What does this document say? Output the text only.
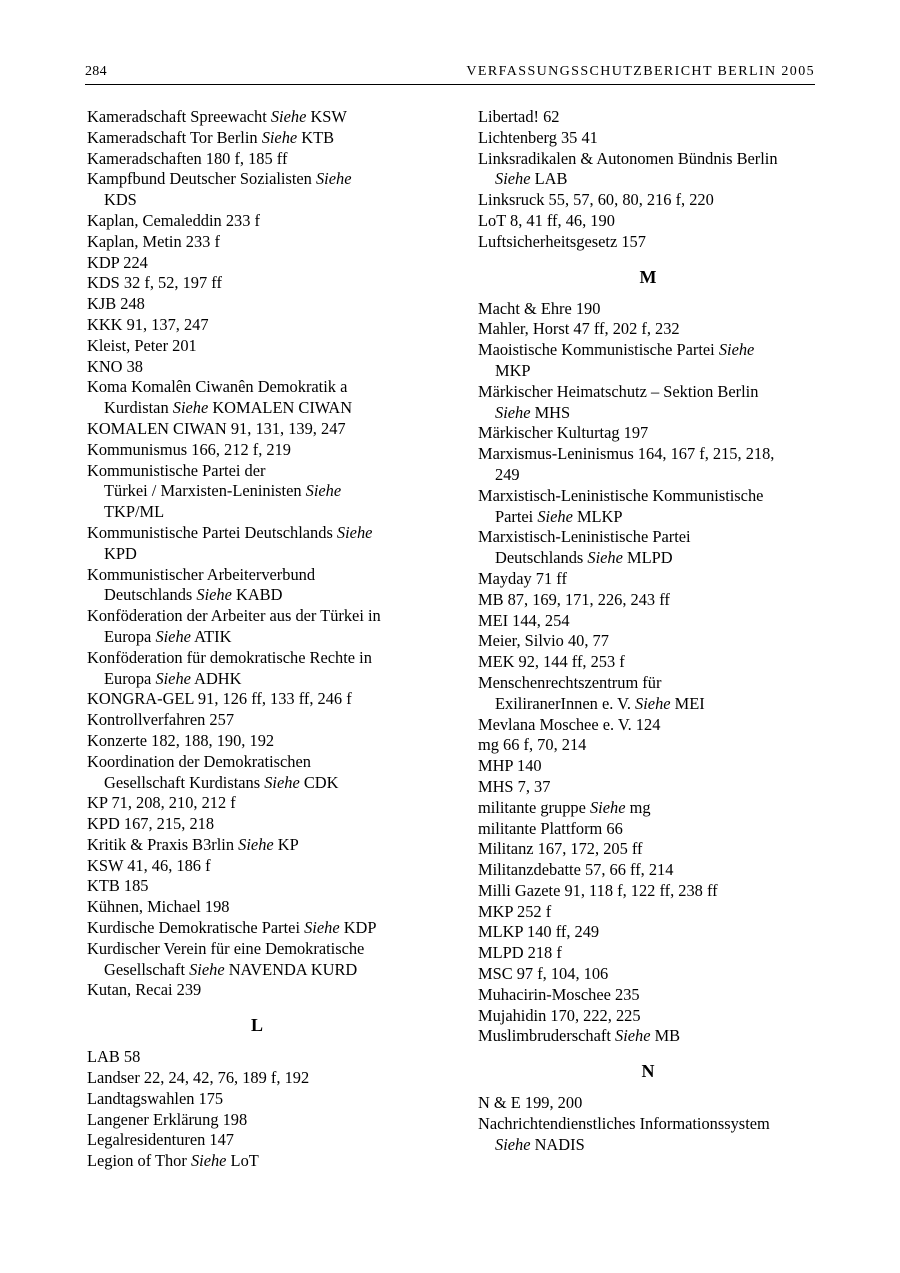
284	VERFASSUNGSSCHUTZBERICHT BERLIN 2005
Kameradschaft Spreewacht Siehe KSW
Kameradschaft Tor Berlin Siehe KTB
Kameradschaften 180 f, 185 ff
Kampfbund Deutscher Sozialisten Siehe
KDS
Kaplan, Cemaleddin 233 f
Kaplan, Metin 233 f
KDP 224
KDS 32 f, 52, 197 ff
KJB 248
KKK 91, 137, 247
Kleist, Peter 201
KNO 38
Koma Komalên Ciwanên Demokratik a
Kurdistan Siehe KOMALEN CIWAN
KOMALEN CIWAN 91, 131, 139, 247
Kommunismus 166, 212 f, 219
Kommunistische Partei der
Türkei / Marxisten-Leninisten Siehe
TKP/ML
Kommunistische Partei Deutschlands Siehe
KPD
Kommunistischer Arbeiterverbund
Deutschlands Siehe KABD
Konföderation der Arbeiter aus der Türkei in
Europa Siehe ATIK
Konföderation für demokratische Rechte in
Europa Siehe ADHK
KONGRA-GEL 91, 126 ff, 133 ff, 246 f
Kontrollverfahren 257
Konzerte 182, 188, 190, 192
Koordination der Demokratischen
Gesellschaft Kurdistans Siehe CDK
KP 71, 208, 210, 212 f
KPD 167, 215, 218
Kritik & Praxis B3rlin Siehe KP
KSW 41, 46, 186 f
KTB 185
Kühnen, Michael 198
Kurdische Demokratische Partei Siehe KDP
Kurdischer Verein für eine Demokratische
Gesellschaft Siehe NAVENDA KURD
Kutan, Recai 239
L
LAB 58
Landser 22, 24, 42, 76, 189 f, 192
Landtagswahlen 175
Langener Erklärung 198
Legalresidenturen 147
Legion of Thor Siehe LoT
Libertad! 62
Lichtenberg 35 41
Linksradikalen & Autonomen Bündnis Berlin
Siehe LAB
Linksruck 55, 57, 60, 80, 216 f, 220
LoT 8, 41 ff, 46, 190
Luftsicherheitsgesetz 157
M
Macht & Ehre 190
Mahler, Horst 47 ff, 202 f, 232
Maoistische Kommunistische Partei Siehe
MKP
Märkischer Heimatschutz – Sektion Berlin
Siehe MHS
Märkischer Kulturtag 197
Marxismus-Leninismus 164, 167 f, 215, 218,
249
Marxistisch-Leninistische Kommunistische
Partei Siehe MLKP
Marxistisch-Leninistische Partei
Deutschlands Siehe MLPD
Mayday 71 ff
MB 87, 169, 171, 226, 243 ff
MEI 144, 254
Meier, Silvio 40, 77
MEK 92, 144 ff, 253 f
Menschenrechtszentrum für
ExiliranerInnen e. V. Siehe MEI
Mevlana Moschee e. V. 124
mg 66 f, 70, 214
MHP 140
MHS 7, 37
militante gruppe Siehe mg
militante Plattform 66
Militanz 167, 172, 205 ff
Militanzdebatte 57, 66 ff, 214
Milli Gazete 91, 118 f, 122 ff, 238 ff
MKP 252 f
MLKP 140 ff, 249
MLPD 218 f
MSC 97 f, 104, 106
Muhacirin-Moschee 235
Mujahidin 170, 222, 225
Muslimbruderschaft Siehe MB
N
N & E 199, 200
Nachrichtendienstliches Informationssystem
Siehe NADIS
